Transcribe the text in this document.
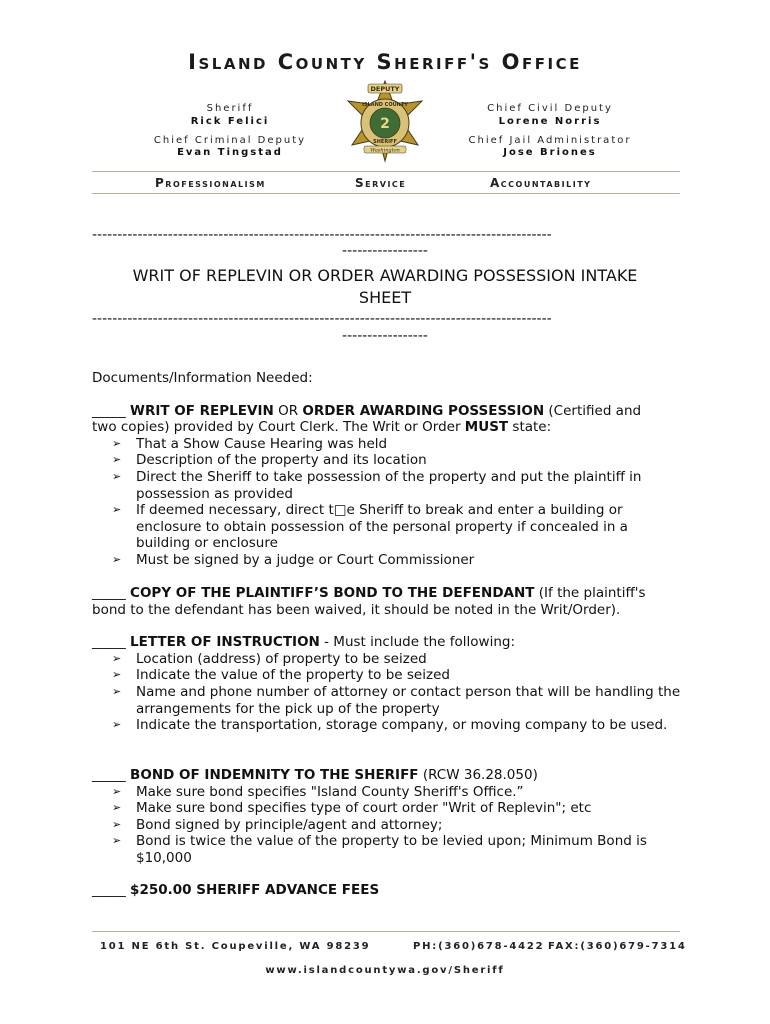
Island County Sheriff's Office
Sheriff
Rick Felici
Chief Criminal Deputy
Evan Tingstad
Chief Civil Deputy
Lorene Norris
Chief Jail Administrator
Jose Briones
2
DEPUTY
ISLAND COUNTY
SHERIFF
Washington
Professionalism	Service	Accountability
-------------------------------------------------------------------------------------------
-----------------
WRIT OF REPLEVIN OR ORDER AWARDING POSSESSION INTAKE
SHEET
-------------------------------------------------------------------------------------------
-----------------
Documents/Information Needed:
_____ WRIT OF REPLEVIN OR ORDER AWARDING POSSESSION (Certified and
two copies) provided by Court Clerk. The Writ or Order MUST state:
➢ That a Show Cause Hearing was held
➢ Description of the property and its location
➢ Direct the Sheriff to take possession of the property and put the plaintiff in possession as provided
➢ If deemed necessary, direct t□e Sheriff to break and enter a building or enclosure to obtain possession of the personal property if concealed in a building or enclosure
➢ Must be signed by a judge or Court Commissioner
_____ COPY OF THE PLAINTIFF’S BOND TO THE DEFENDANT (If the plaintiff's
bond to the defendant has been waived, it should be noted in the Writ/Order).
_____ LETTER OF INSTRUCTION - Must include the following:
➢ Location (address) of property to be seized
➢ Indicate the value of the property to be seized
➢ Name and phone number of attorney or contact person that will be handling the arrangements for the pick up of the property
➢ Indicate the transportation, storage company, or moving company to be used.
_____ BOND OF INDEMNITY TO THE SHERIFF (RCW 36.28.050)
➢ Make sure bond specifies "Island County Sheriff's Office.”
➢ Make sure bond specifies type of court order "Writ of Replevin"; etc
➢ Bond signed by principle/agent and attorney;
➢ Bond is twice the value of the property to be levied upon; Minimum Bond is $10,000
_____ $250.00 SHERIFF ADVANCE FEES
101 NE 6th St. Coupeville, WA 98239	PH:(360)678-4422 FAX:(360)679-7314
www.islandcountywa.gov/Sheriff
